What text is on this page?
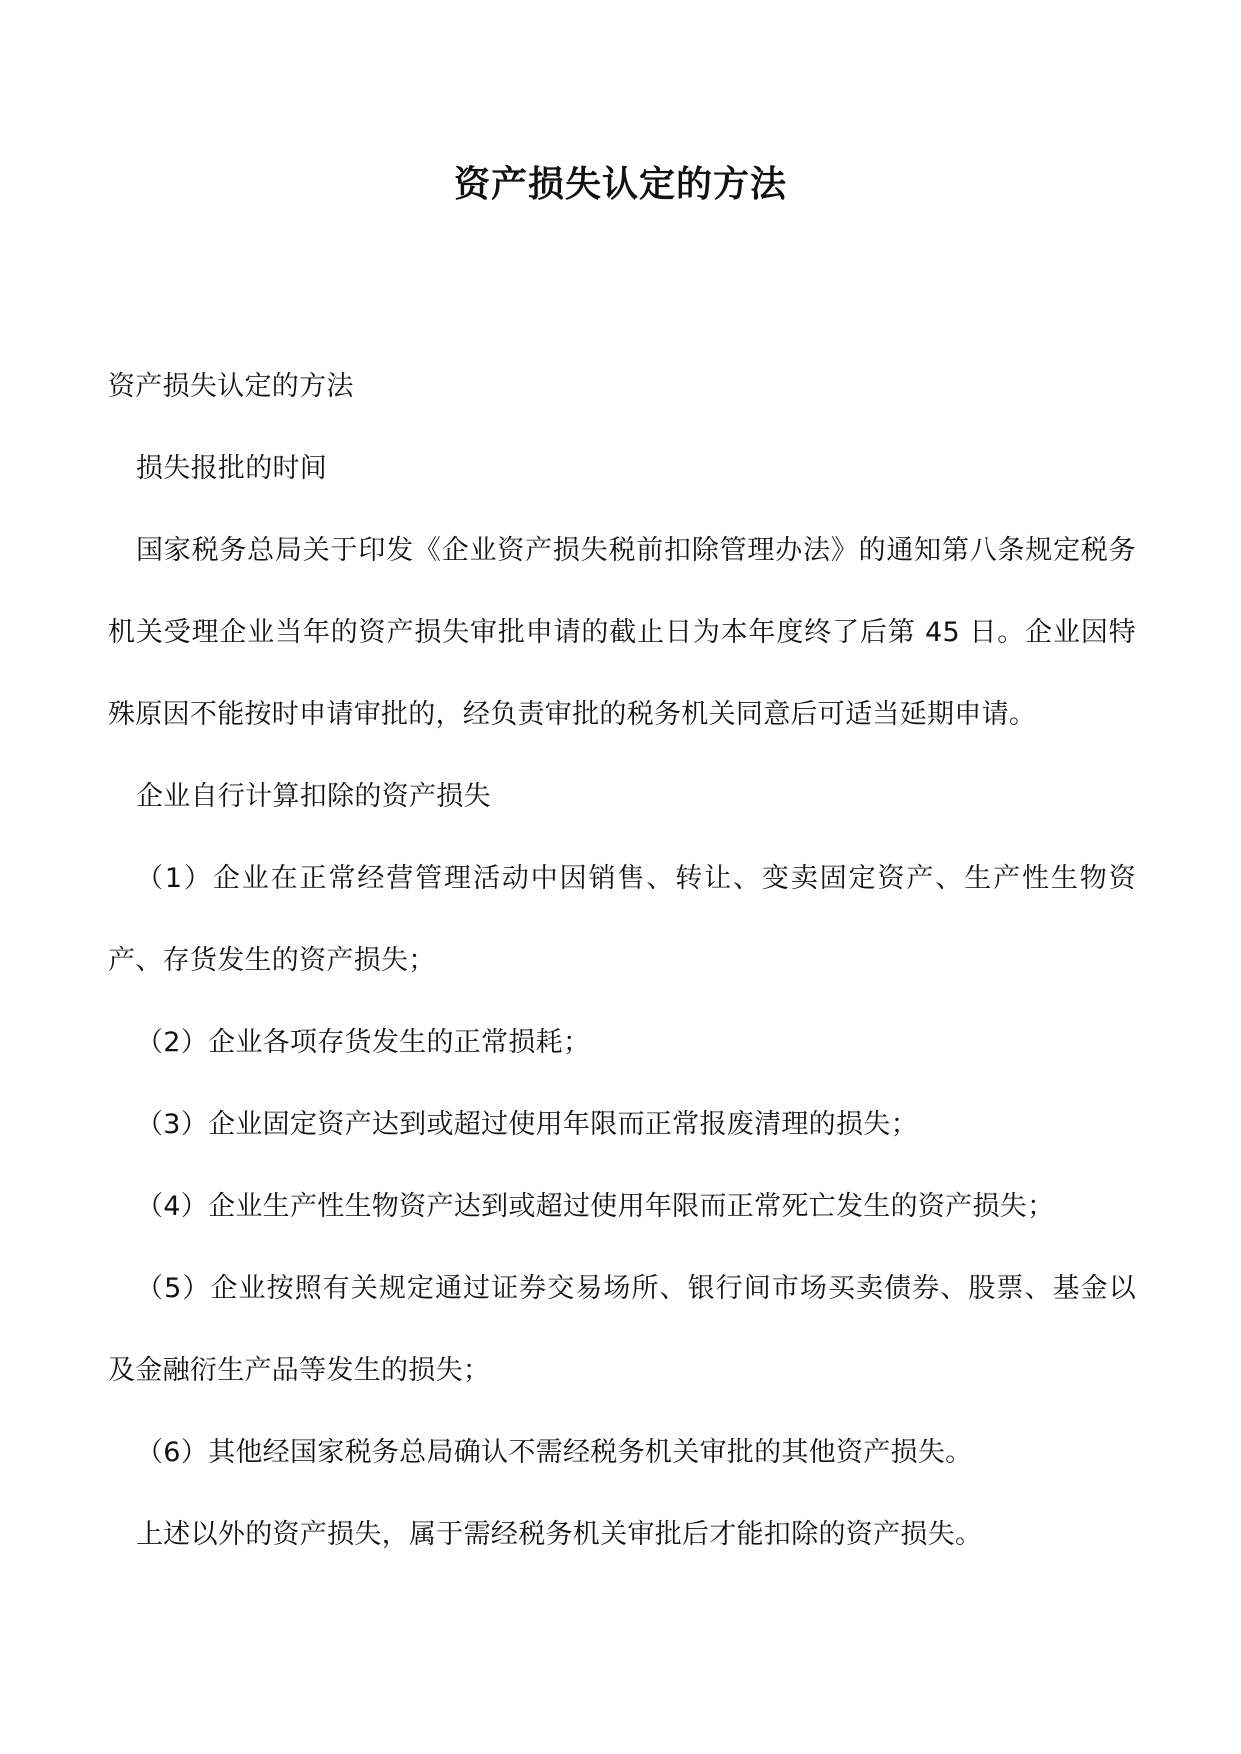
资产损失认定的方法

资产损失认定的方法

损失报批的时间

国家税务总局关于印发《企业资产损失税前扣除管理办法》的通知第八条规定税务机关受理企业当年的资产损失审批申请的截止日为本年度终了后第 45 日。企业因特殊原因不能按时申请审批的，经负责审批的税务机关同意后可适当延期申请。

企业自行计算扣除的资产损失

（1）企业在正常经营管理活动中因销售、转让、变卖固定资产、生产性生物资产、存货发生的资产损失；

（2）企业各项存货发生的正常损耗；

（3）企业固定资产达到或超过使用年限而正常报废清理的损失；

（4）企业生产性生物资产达到或超过使用年限而正常死亡发生的资产损失；

（5）企业按照有关规定通过证券交易场所、银行间市场买卖债券、股票、基金以及金融衍生产品等发生的损失；

（6）其他经国家税务总局确认不需经税务机关审批的其他资产损失。

上述以外的资产损失，属于需经税务机关审批后才能扣除的资产损失。
